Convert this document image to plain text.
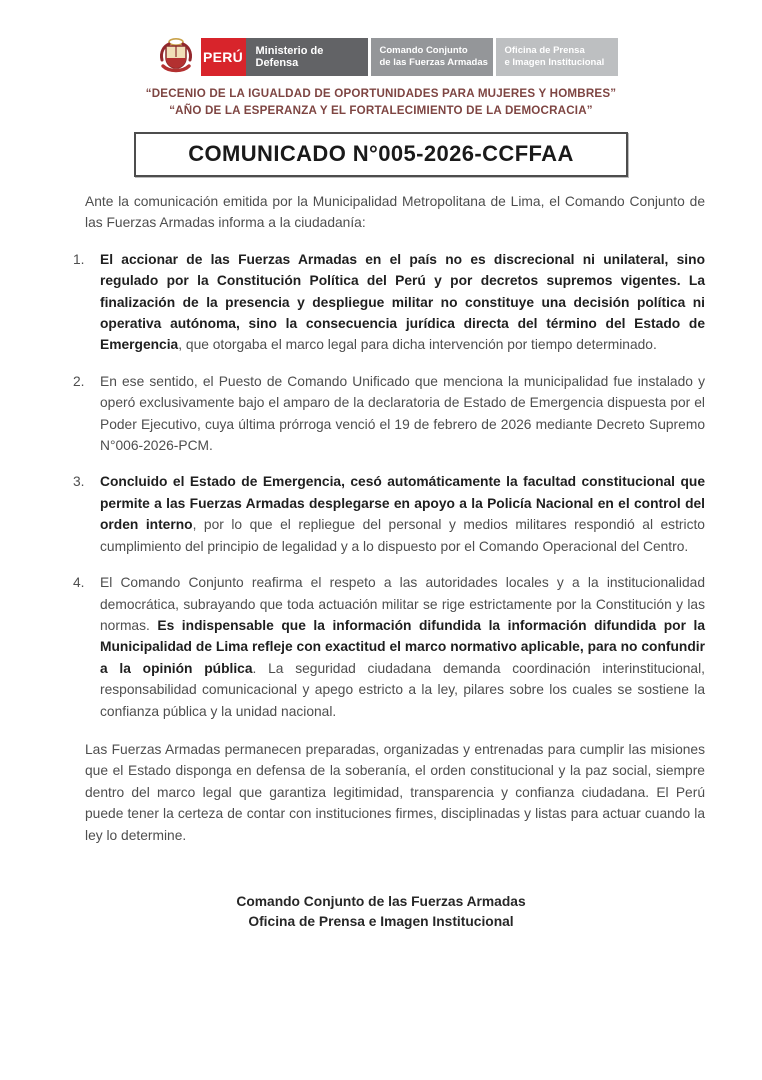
PERÚ Ministerio de Defensa
Comando Conjunto
de las Fuerzas Armadas
Oficina de Prensa
e Imagen Institucional
“DECENIO DE LA IGUALDAD DE OPORTUNIDADES PARA MUJERES Y HOMBRES”
“AÑO DE LA ESPERANZA Y EL FORTALECIMIENTO DE LA DEMOCRACIA”
COMUNICADO N°005-2026-CCFFAA

Ante la comunicación emitida por la Municipalidad Metropolitana de Lima, el Comando Conjunto de las Fuerzas Armadas informa a la ciudadanía:

1.	El accionar de las Fuerzas Armadas en el país no es discrecional ni unilateral, sino regulado por la Constitución Política del Perú y por decretos supremos vigentes. La finalización de la presencia y despliegue militar no constituye una decisión política ni operativa autónoma, sino la consecuencia jurídica directa del término del Estado de Emergencia, que otorgaba el marco legal para dicha intervención por tiempo determinado.
2.	En ese sentido, el Puesto de Comando Unificado que menciona la municipalidad fue instalado y operó exclusivamente bajo el amparo de la declaratoria de Estado de Emergencia dispuesta por el Poder Ejecutivo, cuya última prórroga venció el 19 de febrero de 2026 mediante Decreto Supremo N°006-2026-PCM.
3.	Concluido el Estado de Emergencia, cesó automáticamente la facultad constitucional que permite a las Fuerzas Armadas desplegarse en apoyo a la Policía Nacional en el control del orden interno, por lo que el repliegue del personal y medios militares respondió al estricto cumplimiento del principio de legalidad y a lo dispuesto por el Comando Operacional del Centro.
4.	El Comando Conjunto reafirma el respeto a las autoridades locales y a la institucionalidad democrática, subrayando que toda actuación militar se rige estrictamente por la Constitución y las normas. Es indispensable que la información difundida la información difundida por la Municipalidad de Lima refleje con exactitud el marco normativo aplicable, para no confundir a la opinión pública. La seguridad ciudadana demanda coordinación interinstitucional, responsabilidad comunicacional y apego estricto a la ley, pilares sobre los cuales se sostiene la confianza pública y la unidad nacional.

Las Fuerzas Armadas permanecen preparadas, organizadas y entrenadas para cumplir las misiones que el Estado disponga en defensa de la soberanía, el orden constitucional y la paz social, siempre dentro del marco legal que garantiza legitimidad, transparencia y confianza ciudadana. El Perú puede tener la certeza de contar con instituciones firmes, disciplinadas y listas para actuar cuando la ley lo determine.

Comando Conjunto de las Fuerzas Armadas
Oficina de Prensa e Imagen Institucional
